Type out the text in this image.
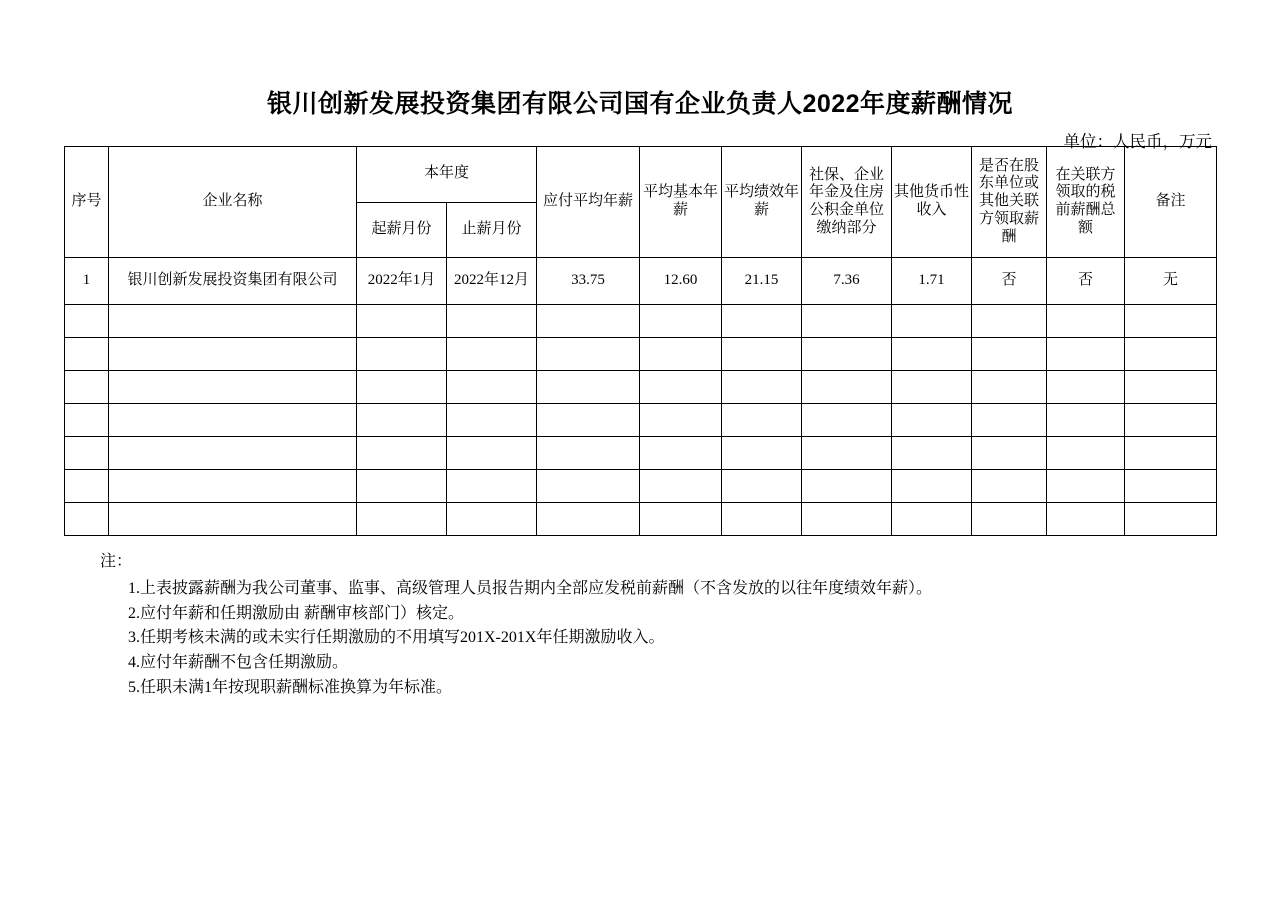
银川创新发展投资集团有限公司国有企业负责人2022年度薪酬情况
单位：人民币，万元
序号	企业名称	本年度		应付平均年薪	平均基本年薪	平均绩效年薪	社保、企业年金及住房公积金单位缴纳部分	其他货币性收入	是否在股东单位或其他关联方领取薪酬	在关联方领取的税前薪酬总额	备注
		起薪月份	止薪月份								
1	银川创新发展投资集团有限公司	2022年1月	2022年12月	33.75	12.60	21.15	7.36	1.71	否	否	无

注：
1.上表披露薪酬为我公司董事、监事、高级管理人员报告期内全部应发税前薪酬（不含发放的以往年度绩效年薪）。
2.应付年薪和任期激励由 薪酬审核部门）核定。
3.任期考核未满的或未实行任期激励的不用填写201X-201X年任期激励收入。
4.应付年薪酬不包含任期激励。
5.任职未满1年按现职薪酬标准换算为年标准。
